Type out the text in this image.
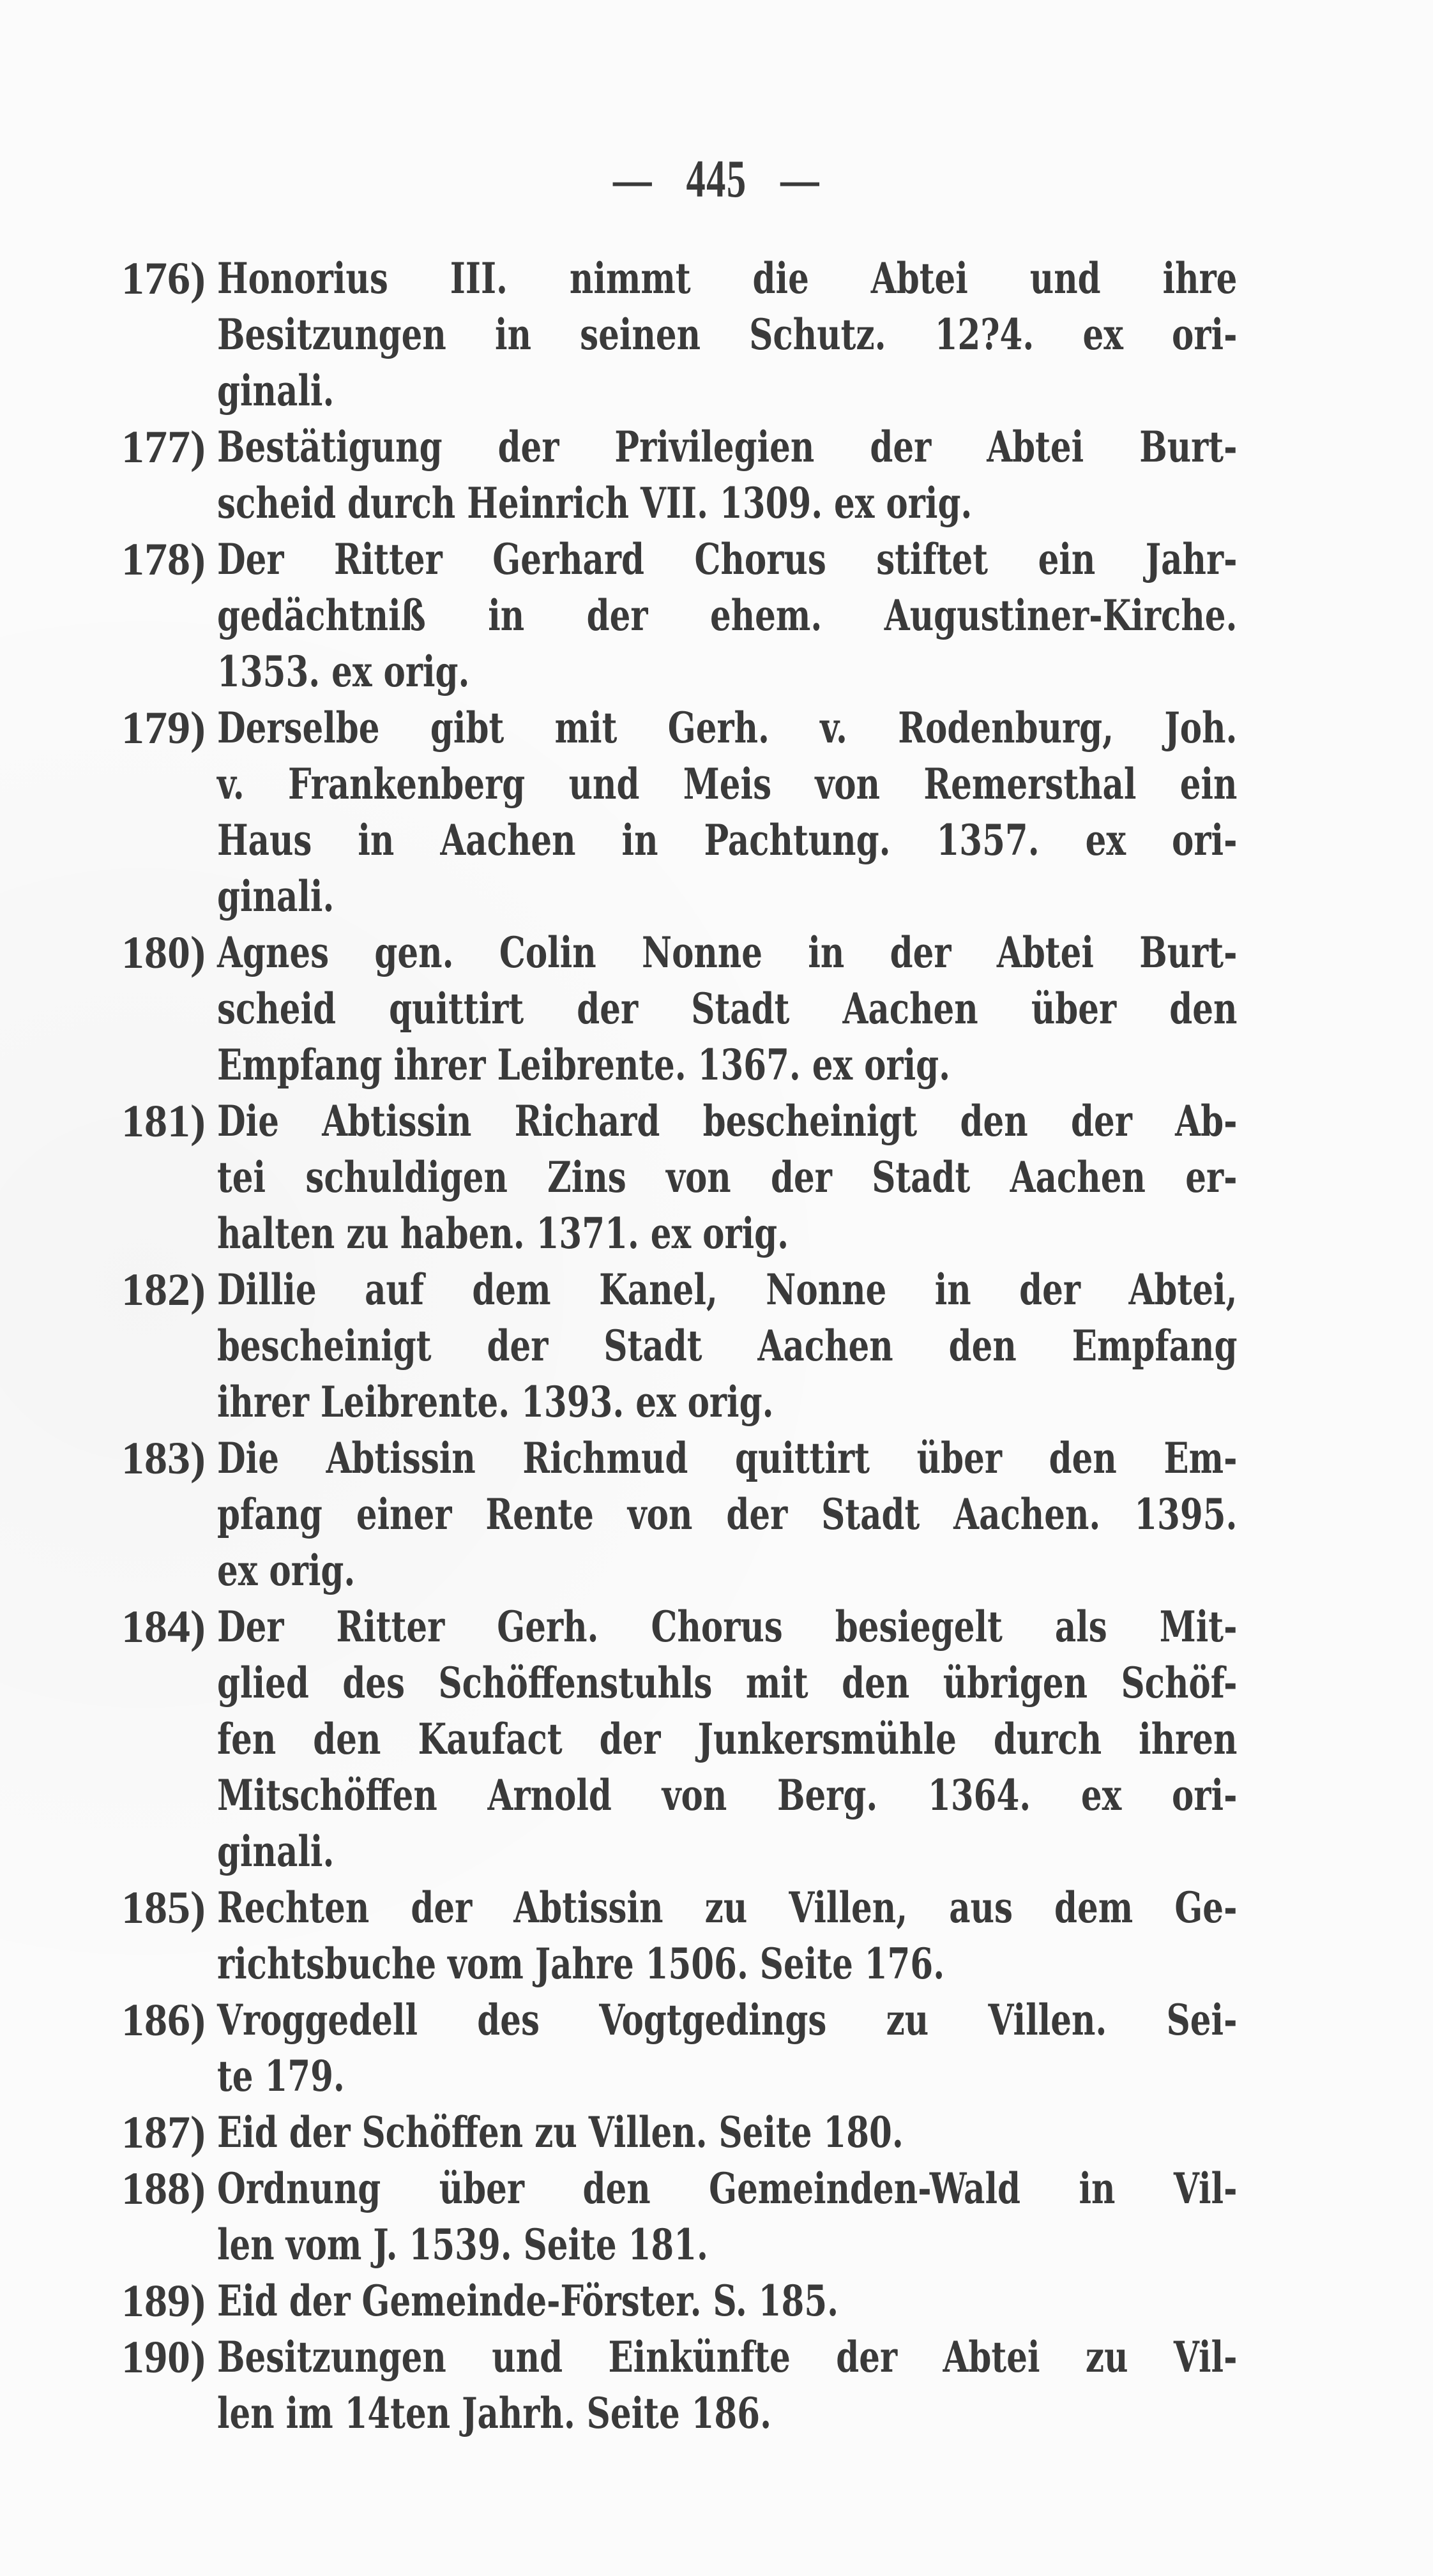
— 445 —
176) Honorius III. nimmt die Abtei und ihre
Besitzungen in seinen Schutz. 12?4. ex ori-
ginali.
177) Bestätigung der Privilegien der Abtei Burt-
scheid durch Heinrich VII. 1309. ex orig.
178) Der Ritter Gerhard Chorus stiftet ein Jahr-
gedächtniß in der ehem. Augustiner-Kirche.
1353. ex orig.
179) Derselbe gibt mit Gerh. v. Rodenburg, Joh.
v. Frankenberg und Meis von Remersthal ein
Haus in Aachen in Pachtung. 1357. ex ori-
ginali.
180) Agnes gen. Colin Nonne in der Abtei Burt-
scheid quittirt der Stadt Aachen über den
Empfang ihrer Leibrente. 1367. ex orig.
181) Die Abtissin Richard bescheinigt den der Ab-
tei schuldigen Zins von der Stadt Aachen er-
halten zu haben. 1371. ex orig.
182) Dillie auf dem Kanel, Nonne in der Abtei,
bescheinigt der Stadt Aachen den Empfang
ihrer Leibrente. 1393. ex orig.
183) Die Abtissin Richmud quittirt über den Em-
pfang einer Rente von der Stadt Aachen. 1395.
ex orig.
184) Der Ritter Gerh. Chorus besiegelt als Mit-
glied des Schöffenstuhls mit den übrigen Schöf-
fen den Kaufact der Junkersmühle durch ihren
Mitschöffen Arnold von Berg. 1364. ex ori-
ginali.
185) Rechten der Abtissin zu Villen, aus dem Ge-
richtsbuche vom Jahre 1506. Seite 176.
186) Vroggedell des Vogtgedings zu Villen. Sei-
te 179.
187) Eid der Schöffen zu Villen. Seite 180.
188) Ordnung über den Gemeinden-Wald in Vil-
len vom J. 1539. Seite 181.
189) Eid der Gemeinde-Förster. S. 185.
190) Besitzungen und Einkünfte der Abtei zu Vil-
len im 14ten Jahrh. Seite 186.
